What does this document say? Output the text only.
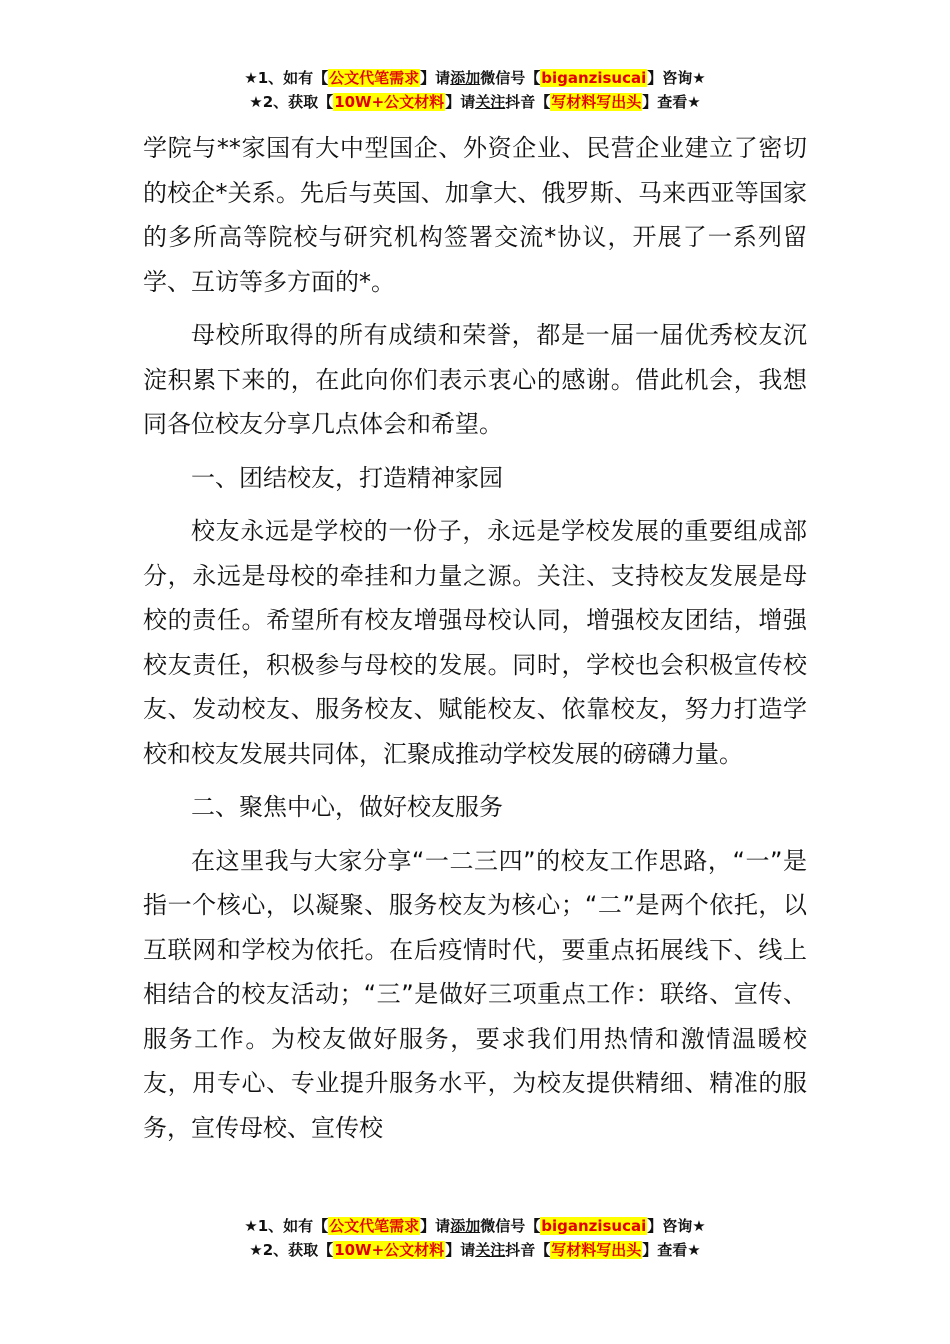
★1、如有【公文代笔需求】请添加微信号【biganzisucai】咨询★
★2、获取【10W+公文材料】请关注抖音【写材料写出头】查看★

学院与**家国有大中型国企、外资企业、民营企业建立了密切的校企*关系。先后与英国、加拿大、俄罗斯、马来西亚等国家的多所高等院校与研究机构签署交流*协议，开展了一系列留学、互访等多方面的*。

母校所取得的所有成绩和荣誉，都是一届一届优秀校友沉淀积累下来的，在此向你们表示衷心的感谢。借此机会，我想同各位校友分享几点体会和希望。

一、团结校友，打造精神家园

校友永远是学校的一份子，永远是学校发展的重要组成部分，永远是母校的牵挂和力量之源。关注、支持校友发展是母校的责任。希望所有校友增强母校认同，增强校友团结，增强校友责任，积极参与母校的发展。同时，学校也会积极宣传校友、发动校友、服务校友、赋能校友、依靠校友，努力打造学校和校友发展共同体，汇聚成推动学校发展的磅礴力量。

二、聚焦中心，做好校友服务

在这里我与大家分享“一二三四”的校友工作思路，“一”是指一个核心，以凝聚、服务校友为核心；“二”是两个依托，以互联网和学校为依托。在后疫情时代，要重点拓展线下、线上相结合的校友活动；“三”是做好三项重点工作：联络、宣传、服务工作。为校友做好服务，要求我们用热情和激情温暖校友，用专心、专业提升服务水平，为校友提供精细、精准的服务，宣传母校、宣传校

★1、如有【公文代笔需求】请添加微信号【biganzisucai】咨询★
★2、获取【10W+公文材料】请关注抖音【写材料写出头】查看★
